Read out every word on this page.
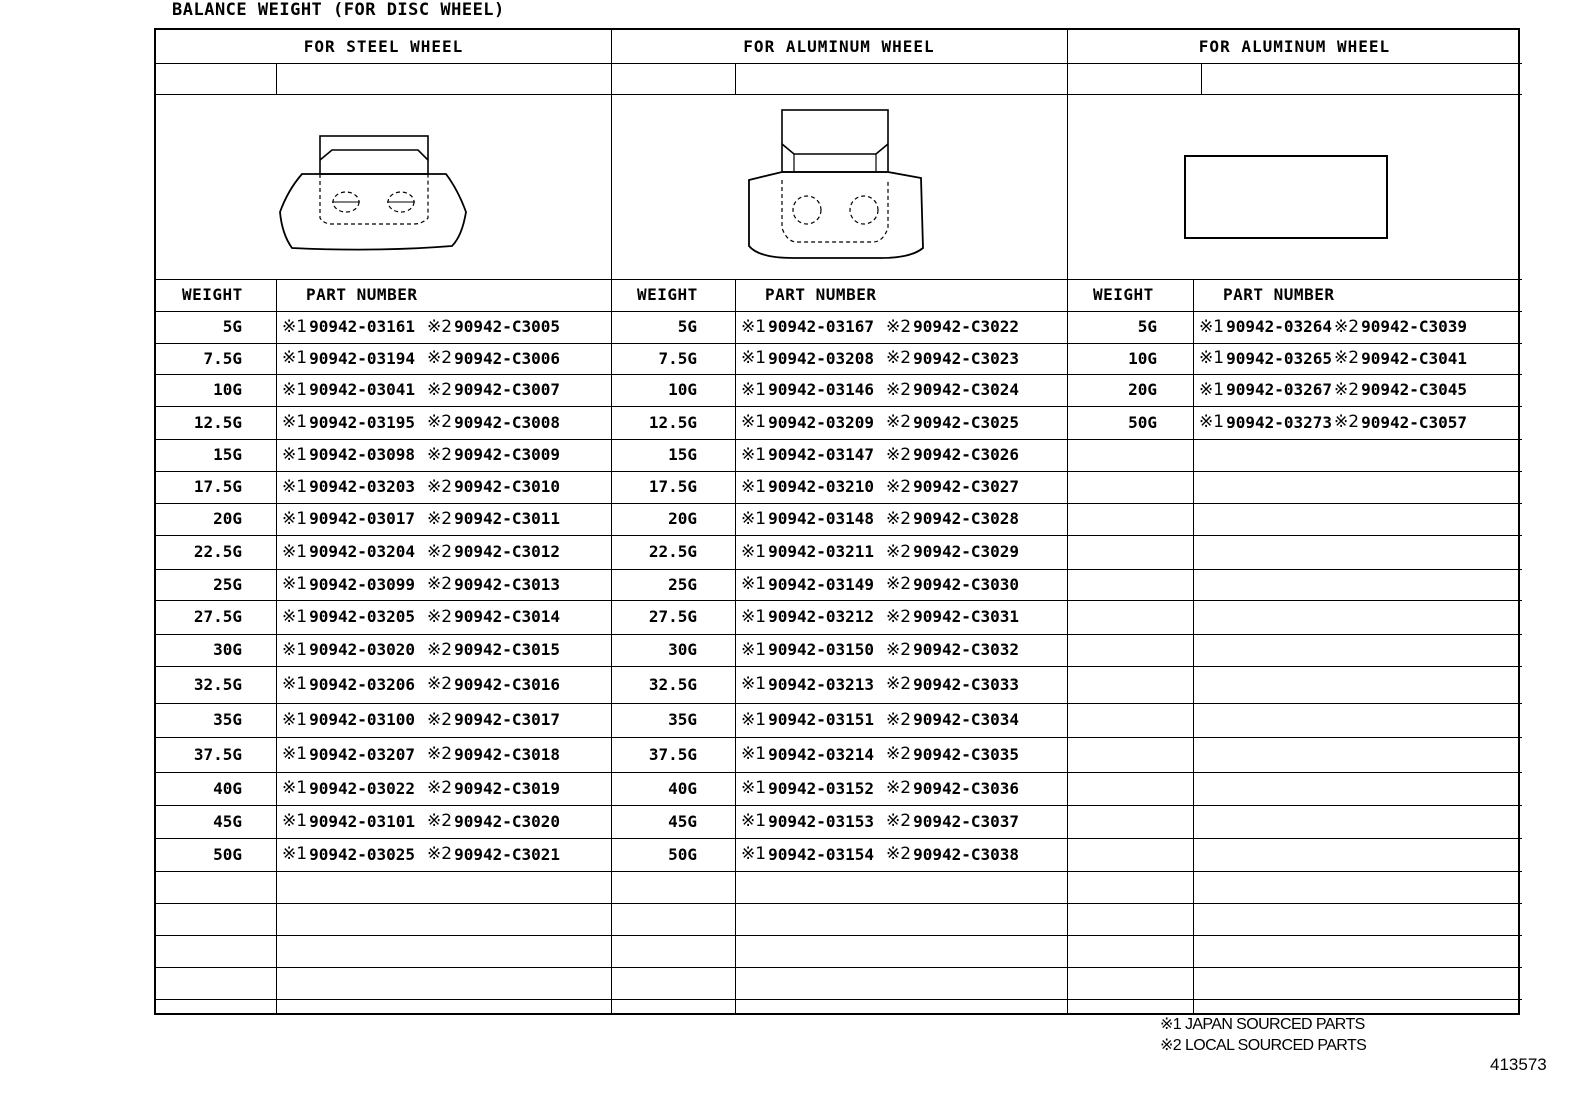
BALANCE WEIGHT (FOR DISC WHEEL)
FOR STEEL WHEEL
WEIGHT	PART NUMBER
5G ※1 90942-03161 ※2 90942-C3005
7.5G ※1 90942-03194 ※2 90942-C3006
10G ※1 90942-03041 ※2 90942-C3007
12.5G ※1 90942-03195 ※2 90942-C3008
15G ※1 90942-03098 ※2 90942-C3009
17.5G ※1 90942-03203 ※2 90942-C3010
20G ※1 90942-03017 ※2 90942-C3011
22.5G ※1 90942-03204 ※2 90942-C3012
25G ※1 90942-03099 ※2 90942-C3013
27.5G ※1 90942-03205 ※2 90942-C3014
30G ※1 90942-03020 ※2 90942-C3015
32.5G ※1 90942-03206 ※2 90942-C3016
35G ※1 90942-03100 ※2 90942-C3017
37.5G ※1 90942-03207 ※2 90942-C3018
40G ※1 90942-03022 ※2 90942-C3019
45G ※1 90942-03101 ※2 90942-C3020
50G ※1 90942-03025 ※2 90942-C3021
FOR ALUMINUM WHEEL
WEIGHT	PART NUMBER
5G	※1 90942-03167 ※2 90942-C3022
7.5G	※1 90942-03208 ※2 90942-C3023
10G	※1 90942-03146 ※2 90942-C3024
12.5G	※1 90942-03209 ※2 90942-C3025
15G	※1 90942-03147 ※2 90942-C3026
17.5G	※1 90942-03210 ※2 90942-C3027
20G	※1 90942-03148 ※2 90942-C3028
22.5G	※1 90942-03211 ※2 90942-C3029
25G	※1 90942-03149 ※2 90942-C3030
27.5G	※1 90942-03212 ※2 90942-C3031
30G	※1 90942-03150 ※2 90942-C3032
32.5G	※1 90942-03213 ※2 90942-C3033
35G	※1 90942-03151 ※2 90942-C3034
37.5G	※1 90942-03214 ※2 90942-C3035
40G	※1 90942-03152 ※2 90942-C3036
45G	※1 90942-03153 ※2 90942-C3037
50G	※1 90942-03154 ※2 90942-C3038
FOR ALUMINUM WHEEL
WEIGHT	PART NUMBER
5G ※1 90942-03264 ※2 90942-C3039
10G ※1 90942-03265 ※2 90942-C3041
20G ※1 90942-03267 ※2 90942-C3045
50G ※1 90942-03273 ※2 90942-C3057
※1 JAPAN SOURCED PARTS
※2 LOCAL SOURCED PARTS
413573
